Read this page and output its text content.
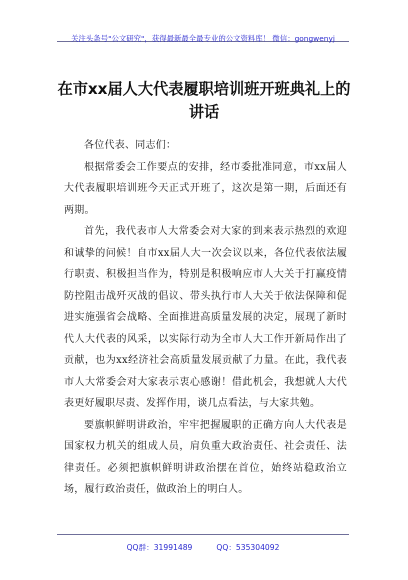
关注头条号"公文研究"，获得最新最全最专业的公文资料库！ 微信：gongwenyj
在市xx届人大代表履职培训班开班典礼上的
讲话

各位代表、同志们：

根据常委会工作要点的安排，经市委批准同意，市xx届人大代表履职培训班今天正式开班了，这次是第一期，后面还有两期。

首先，我代表市人大常委会对大家的到来表示热烈的欢迎和诚挚的问候！自市xx届人大一次会议以来，各位代表依法履行职责、积极担当作为，特别是积极响应市人大关于打赢疫情防控阻击战歼灭战的倡议、带头执行市人大关于依法保障和促进实施强省会战略、全面推进高质量发展的决定，展现了新时代人大代表的风采，以实际行动为全市人大工作开新局作出了贡献，也为xx经济社会高质量发展贡献了力量。在此，我代表市人大常委会对大家表示衷心感谢！借此机会，我想就人大代表更好履职尽责、发挥作用，谈几点看法，与大家共勉。

要旗帜鲜明讲政治，牢牢把握履职的正确方向人大代表是国家权力机关的组成人员，肩负重大政治责任、社会责任、法律责任。必须把旗帜鲜明讲政治摆在首位，始终站稳政治立场，履行政治责任，做政治上的明白人。

QQ群：31991489	QQ：535304092
